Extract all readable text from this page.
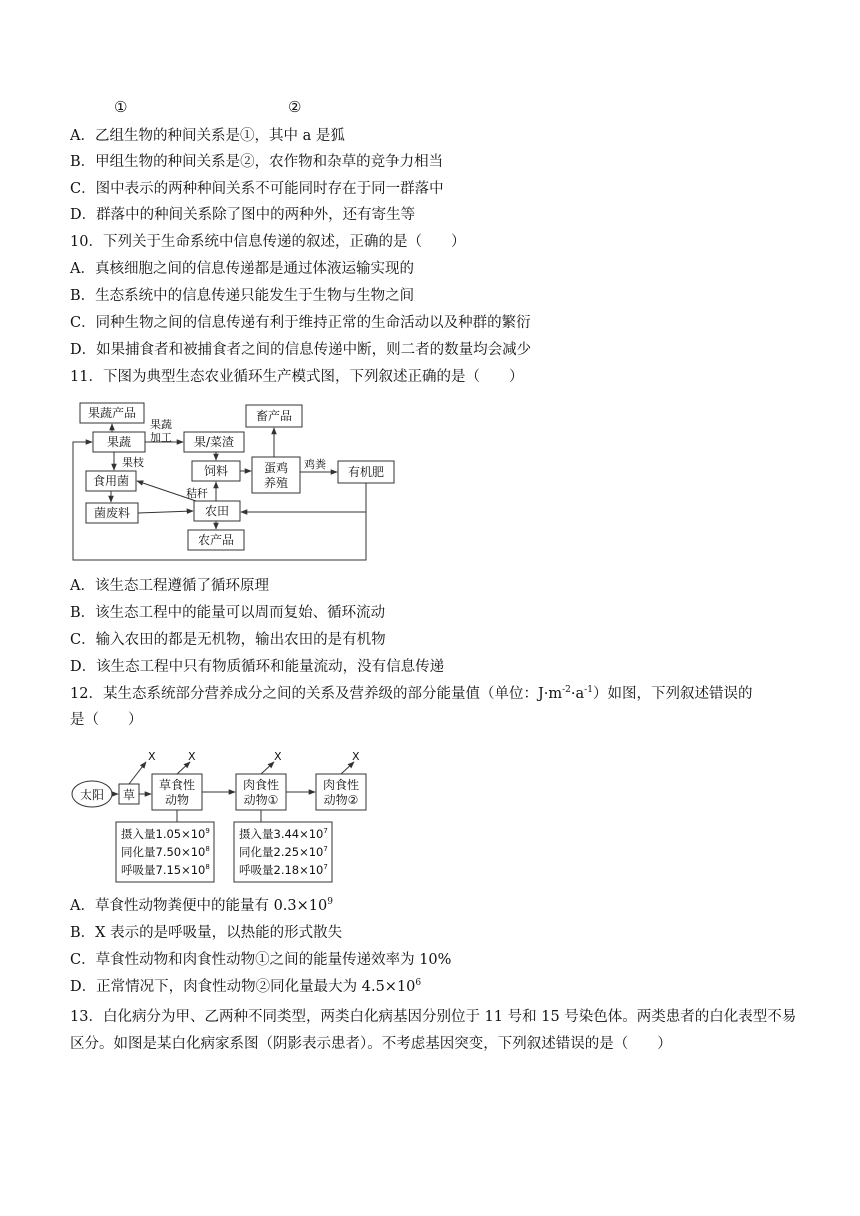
①	②
A．乙组生物的种间关系是①，其中 a 是狐
B．甲组生物的种间关系是②，农作物和杂草的竞争力相当
C．图中表示的两种种间关系不可能同时存在于同一群落中
D．群落中的种间关系除了图中的两种外，还有寄生等
10．下列关于生命系统中信息传递的叙述，正确的是（　　）
A．真核细胞之间的信息传递都是通过体液运输实现的
B．生态系统中的信息传递只能发生于生物与生物之间
C．同种生物之间的信息传递有利于维持正常的生命活动以及种群的繁衍
D．如果捕食者和被捕食者之间的信息传递中断，则二者的数量均会减少
11．下图为典型生态农业循环生产模式图，下列叙述正确的是（　　）
果蔬产品
果蔬
果蔬
加工 果/菜渣
畜产品
果枝
饲料	蛋鸡
养殖
鸡粪
有机肥
食用菌
秸秆
菌废料	农田
农产品
A．该生态工程遵循了循环原理
B．该生态工程中的能量可以周而复始、循环流动
C．输入农田的都是无机物，输出农田的是有机物
D．该生态工程中只有物质循环和能量流动，没有信息传递
12．某生态系统部分营养成分之间的关系及营养级的部分能量值（单位：$J\cdot m^{-2}\cdot a^{-1}$）如图，下列叙述错误的
是（　　）
太阳 草
草食性
动物
肉食性
动物①
肉食性
动物②
X	X	X	X
摄入量$1.05\times 10^9$
同化量$7.50\times 10^8$
呼吸量$7.15\times 10^8$
摄入量$3.44\times 10^7$
同化量$2.25\times 10^7$
呼吸量$2.18\times 10^7$
A．草食性动物粪便中的能量有 $0.3\times 10^9$
B．X 表示的是呼吸量，以热能的形式散失
C．草食性动物和肉食性动物①之间的能量传递效率为 10%
D．正常情况下，肉食性动物②同化量最大为 $4.5\times 10^6$
13．白化病分为甲、乙两种不同类型，两类白化病基因分别位于 11 号和 15 号染色体。两类患者的白化表型不易区分。如图是某白化病家系图（阴影表示患者）。不考虑基因突变，下列叙述错误的是（　　）
